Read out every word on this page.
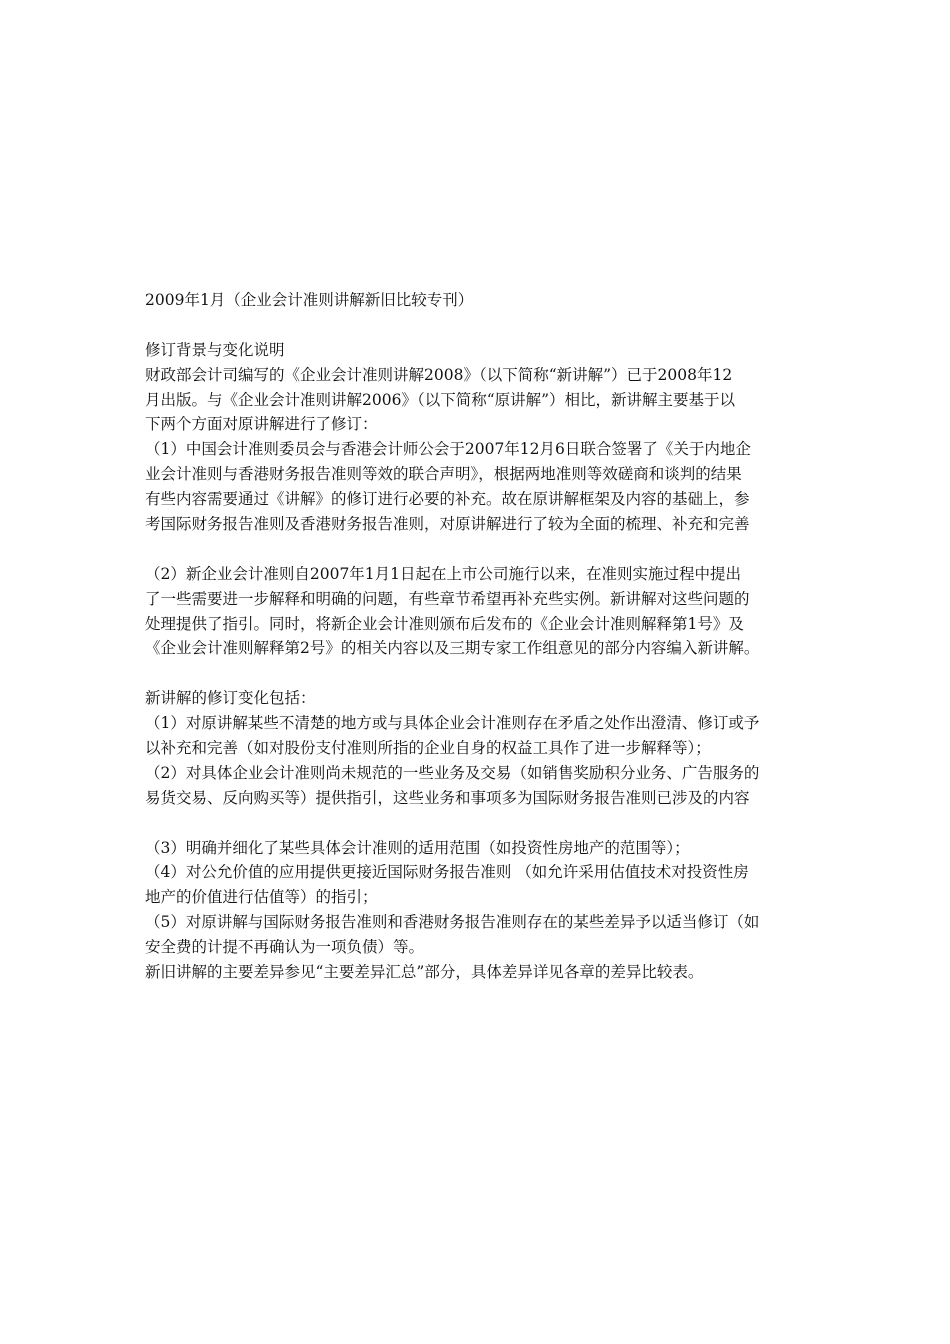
2009年1月（企业会计准则讲解新旧比较专刊）
修订背景与变化说明
财政部会计司编写的《企业会计准则讲解2008》（以下简称“新讲解”）已于2008年12
月出版。与《企业会计准则讲解2006》（以下简称“原讲解”）相比，新讲解主要基于以
下两个方面对原讲解进行了修订：
（1）中国会计准则委员会与香港会计师公会于2007年12月6日联合签署了《关于内地企
业会计准则与香港财务报告准则等效的联合声明》，根据两地准则等效磋商和谈判的结果
有些内容需要通过《讲解》的修订进行必要的补充。故在原讲解框架及内容的基础上，参
考国际财务报告准则及香港财务报告准则，对原讲解进行了较为全面的梳理、补充和完善
（2）新企业会计准则自2007年1月1日起在上市公司施行以来，在准则实施过程中提出
了一些需要进一步解释和明确的问题，有些章节希望再补充些实例。新讲解对这些问题的
处理提供了指引。同时，将新企业会计准则颁布后发布的《企业会计准则解释第1号》及
《企业会计准则解释第2号》的相关内容以及三期专家工作组意见的部分内容编入新讲解。
新讲解的修订变化包括：
（1）对原讲解某些不清楚的地方或与具体企业会计准则存在矛盾之处作出澄清、修订或予
以补充和完善（如对股份支付准则所指的企业自身的权益工具作了进一步解释等）；
（2）对具体企业会计准则尚未规范的一些业务及交易（如销售奖励积分业务、广告服务的
易货交易、反向购买等）提供指引，这些业务和事项多为国际财务报告准则已涉及的内容
（3）明确并细化了某些具体会计准则的适用范围（如投资性房地产的范围等）；
（4）对公允价值的应用提供更接近国际财务报告准则 （如允许采用估值技术对投资性房
地产的价值进行估值等）的指引；
（5）对原讲解与国际财务报告准则和香港财务报告准则存在的某些差异予以适当修订（如
安全费的计提不再确认为一项负债）等。
新旧讲解的主要差异参见“主要差异汇总”部分，具体差异详见各章的差异比较表。
